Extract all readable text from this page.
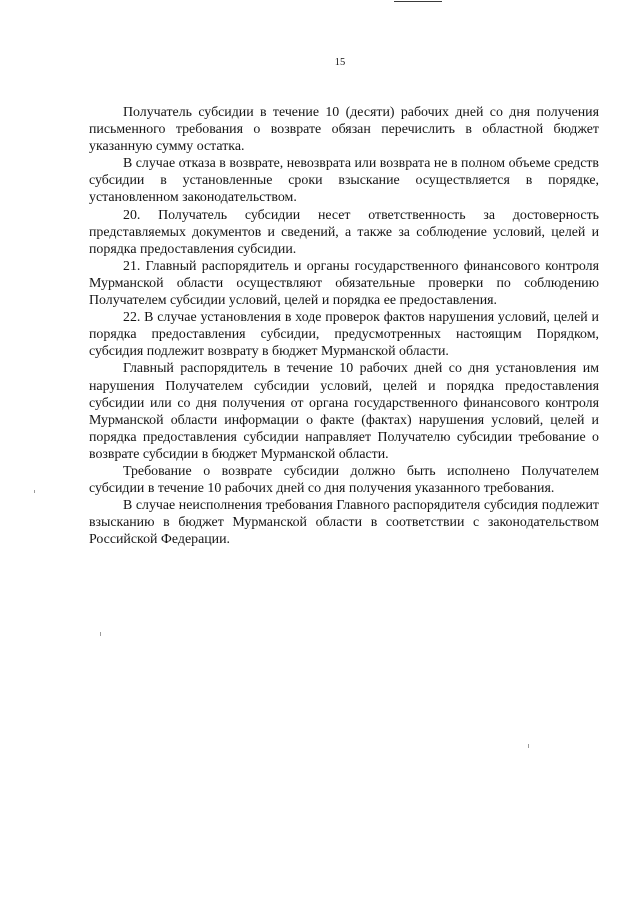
15

Получатель субсидии в течение 10 (десяти) рабочих дней со дня получения письменного требования о возврате обязан перечислить в областной бюджет указанную сумму остатка.

В случае отказа в возврате, невозврата или возврата не в полном объеме средств субсидии в установленные сроки взыскание осуществляется в порядке, установленном законодательством.

20. Получатель субсидии несет ответственность за достоверность представляемых документов и сведений, а также за соблюдение условий, целей и порядка предоставления субсидии.

21. Главный распорядитель и органы государственного финансового контроля Мурманской области осуществляют обязательные проверки по соблюдению Получателем субсидии условий, целей и порядка ее предоставления.

22. В случае установления в ходе проверок фактов нарушения условий, целей и порядка предоставления субсидии, предусмотренных настоящим Порядком, субсидия подлежит возврату в бюджет Мурманской области.

Главный распорядитель в течение 10 рабочих дней со дня установления им нарушения Получателем субсидии условий, целей и порядка предоставления субсидии или со дня получения от органа государственного финансового контроля Мурманской области информации о факте (фактах) нарушения условий, целей и порядка предоставления субсидии направляет Получателю субсидии требование о возврате субсидии в бюджет Мурманской области.

Требование о возврате субсидии должно быть исполнено Получателем субсидии в течение 10 рабочих дней со дня получения указанного требования.

В случае неисполнения требования Главного распорядителя субсидия подлежит взысканию в бюджет Мурманской области в соответствии с законодательством Российской Федерации.
